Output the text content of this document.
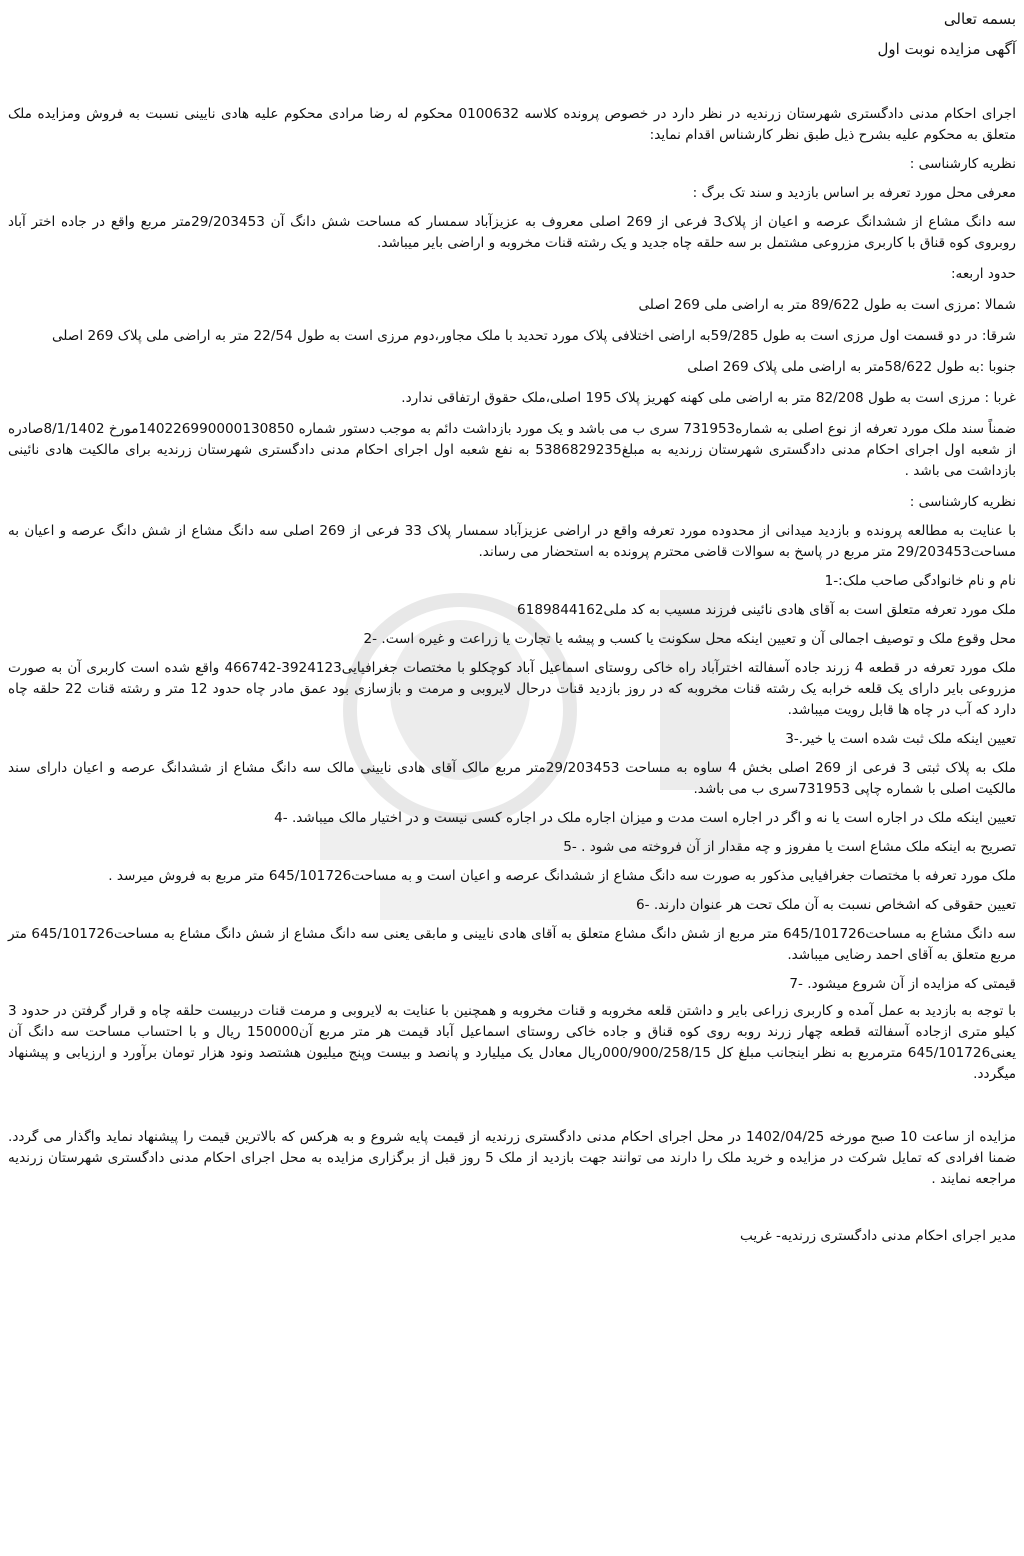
بسمه تعالی
آگهی مزایده نوبت اول
اجرای احکام مدنی دادگستری شهرستان زرندیه در نظر دارد در خصوص پرونده کلاسه 0100632 محکوم له رضا مرادی محکوم علیه هادی نایینی نسبت به فروش ومزایده ملک متعلق به محکوم علیه بشرح ذیل طبق نظر کارشناس اقدام نماید:
نظریه کارشناسی :
معرفی محل مورد تعرفه بر اساس بازدید و سند تک برگ :
سه دانگ مشاع از ششدانگ عرصه و اعیان از پلاک3 فرعی از 269 اصلی معروف به عزیزآباد سمسار که مساحت شش دانگ آن 29/203453متر مربع واقع در جاده اختر آباد روبروی کوه قناق با کاربری مزروعی مشتمل بر سه حلقه چاه جدید و یک رشته قنات مخروبه و اراضی بایر میباشد.
حدود اربعه:
شمالا :مرزی است به طول 89/622 متر به اراضی ملی 269 اصلی
شرقا: در دو قسمت اول مرزی است به طول 59/285به اراضی اختلافی پلاک مورد تحدید با ملک مجاور،دوم مرزی است به طول 22/54 متر به اراضی ملی پلاک 269 اصلی
جنوبا :به طول 58/622متر به اراضی ملی پلاک 269 اصلی
غربا : مرزی است به طول 82/208 متر به اراضی ملی کهنه کهریز پلاک 195 اصلی،ملک حقوق ارتفاقی ندارد.
ضمناً سند ملک مورد تعرفه از نوع اصلی به شماره731953 سری ب می باشد و یک مورد بازداشت دائم به موجب دستور شماره 140226990000130850مورخ 8/1/1402صادره از شعبه اول اجرای احکام مدنی دادگستری شهرستان زرندیه به مبلغ5386829235 به نفع شعبه اول اجرای احکام مدنی دادگستری شهرستان زرندیه برای مالکیت هادی نائینی بازداشت می باشد .
نظریه کارشناسی :
با عنایت به مطالعه پرونده و بازدید میدانی از محدوده مورد تعرفه واقع در اراضی عزیزآباد سمسار پلاک 33 فرعی از 269 اصلی سه دانگ مشاع از شش دانگ عرصه و اعیان به مساحت29/203453 متر مربع در پاسخ به سوالات قاضی محترم پرونده به استحضار می رساند.
نام و نام خانوادگی صاحب ملک:-1
ملک مورد تعرفه متعلق است به آقای هادی نائینی فرزند مسیب به کد ملی6189844162
محل وقوع ملک و توصیف اجمالی آن و تعیین اینکه محل سکونت یا کسب و پیشه یا تجارت یا زراعت و غیره است. -2
ملک مورد تعرفه در قطعه 4 زرند جاده آسفالته اخترآباد راه خاکی روستای اسماعیل آباد کوچکلو با مختصات جغرافیایی3924123-466742 واقع شده است کاربری آن به صورت مزروعی بایر دارای یک قلعه خرابه یک رشته قنات مخروبه که در روز بازدید قنات درحال لایروبی و مرمت و بازسازی بود عمق مادر چاه حدود 12 متر و رشته قنات 22 حلقه چاه دارد که آب در چاه ها قابل رویت میباشد.
تعیین اینکه ملک ثبت شده است یا خیر.-3
ملک به پلاک ثبتی 3 فرعی از 269 اصلی بخش 4 ساوه به مساحت 29/203453متر مربع مالک آقای هادی نایینی مالک سه دانگ مشاع از ششدانگ عرصه و اعیان دارای سند مالکیت اصلی با شماره چاپی 731953سری ب می باشد.
تعیین اینکه ملک در اجاره است یا نه و اگر در اجاره است مدت و میزان اجاره ملک در اجاره کسی نیست و در اختیار مالک میباشد. -4
تصریح به اینکه ملک مشاع است یا مفروز و چه مقدار از آن فروخته می شود . -5
ملک مورد تعرفه با مختصات جغرافیایی مذکور به صورت سه دانگ مشاع از ششدانگ عرصه و اعیان است و به مساحت645/101726 متر مربع به فروش میرسد .
تعیین حقوقی که اشخاص نسبت به آن ملک تحت هر عنوان دارند. -6
سه دانگ مشاع به مساحت645/101726 متر مربع از شش دانگ مشاع متعلق به آقای هادی نایینی و مابقی یعنی سه دانگ مشاع از شش دانگ مشاع به مساحت645/101726 متر مربع متعلق به آقای احمد رضایی میباشد.
قیمتی که مزایده از آن شروع میشود. -7
با توجه به بازدید به عمل آمده و کاربری زراعی بایر و داشتن قلعه مخروبه و قنات مخروبه و همچنین با عنایت به لایروبی و مرمت قنات دربیست حلقه چاه و قرار گرفتن در حدود 3 کیلو متری ازجاده آسفالته قطعه چهار زرند روبه روی کوه قناق و جاده خاکی روستای اسماعیل آباد قیمت هر متر مربع آن150000 ریال و با احتساب مساحت سه دانگ آن یعنی645/101726 مترمربع به نظر اینجانب مبلغ کل 000/900/258/15ریال معادل یک میلیارد و پانصد و بیست وپنج میلیون هشتصد ونود هزار تومان برآورد و ارزیابی و پیشنهاد میگردد.
مزایده از ساعت 10 صبح مورخه 1402/04/25 در محل اجرای احکام مدنی دادگستری زرندیه از قیمت پایه شروع و به هرکس که بالاترین قیمت را پیشنهاد نماید واگذار می گردد. ضمنا افرادی که تمایل شرکت در مزایده و خرید ملک را دارند می توانند جهت بازدید از ملک 5 روز قبل از برگزاری مزایده به محل اجرای احکام مدنی دادگستری شهرستان زرندیه مراجعه نمایند .
مدیر اجرای احکام مدنی دادگستری زرندیه- غریب
